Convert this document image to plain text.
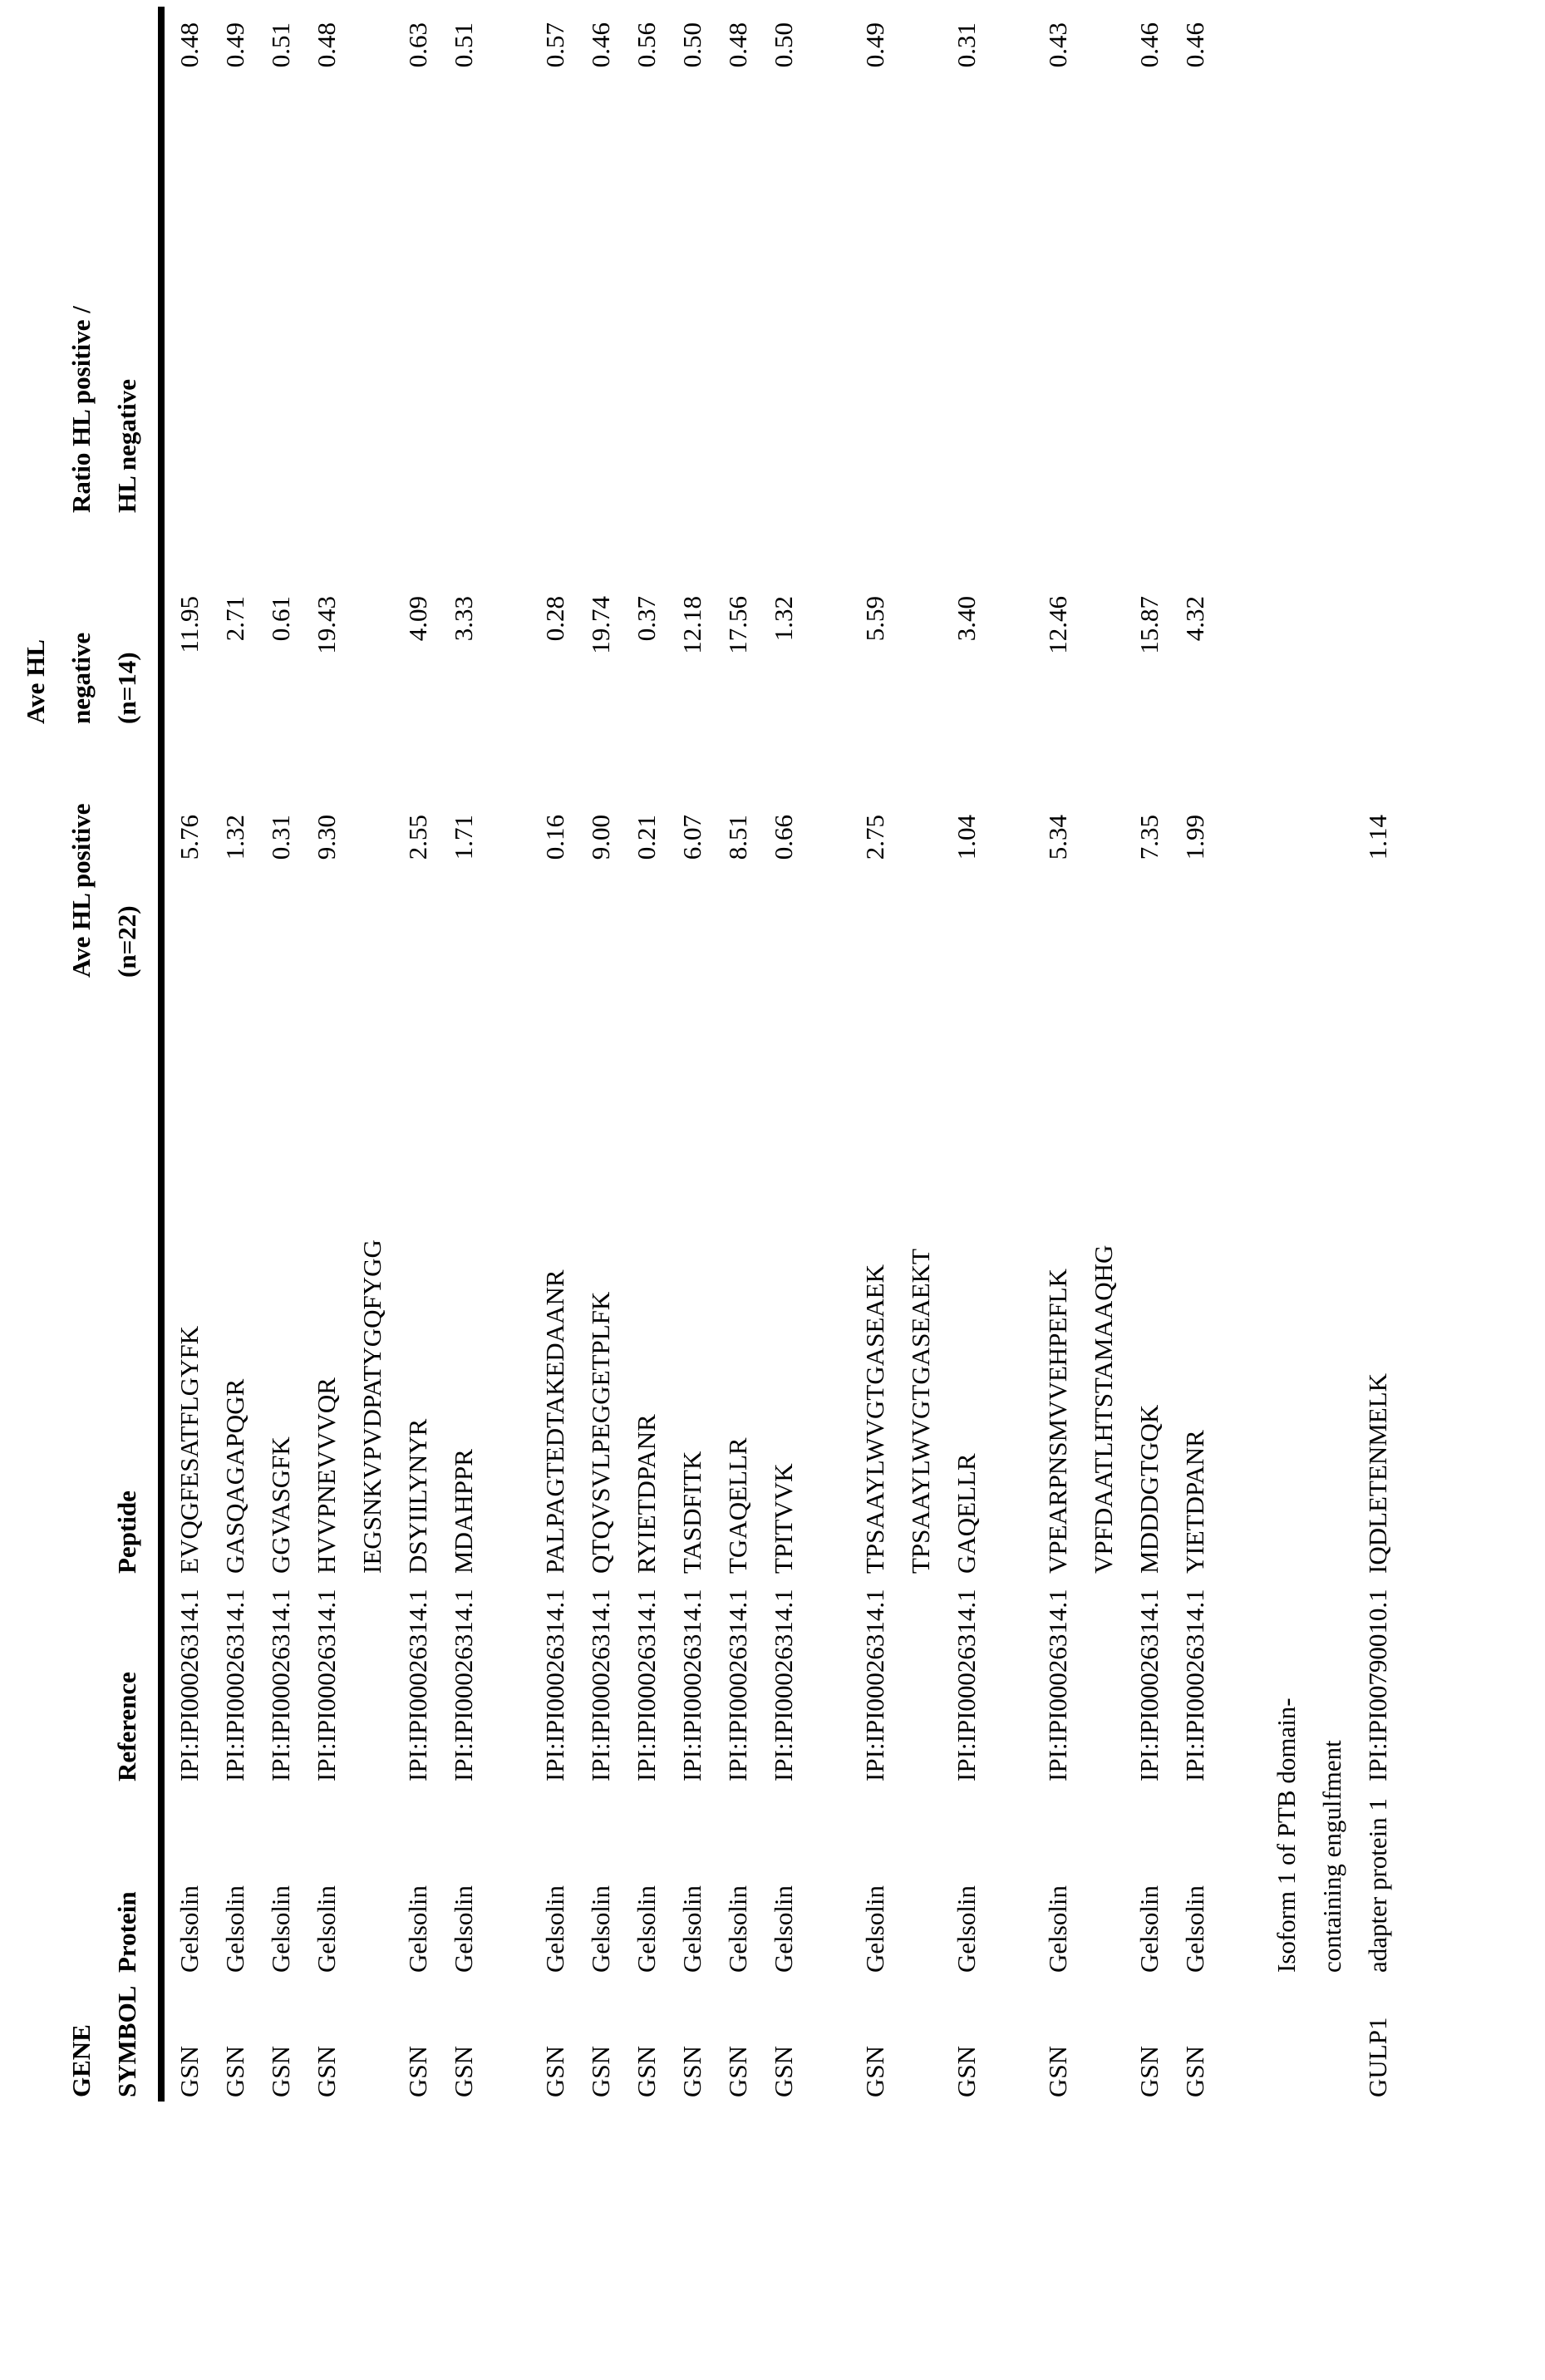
GENE SYMBOL
Protein
Reference
Peptide
Ave HL positive (n=22)
Ave HL negative (n=14)
Ratio HL positive / HL negative
GSN
Gelsolin
IPI:IPI00026314.1
EVQGFESATFLGYFK
5.76
11.95
0.48
GSN
Gelsolin
IPI:IPI00026314.1
GASQAGAPQGR
1.32
2.71
0.49
GSN
Gelsolin
IPI:IPI00026314.1
GGVASGFK
0.31
0.61
0.51
GSN
Gelsolin
IPI:IPI00026314.1
HVVPNEVVVQR
9.30
19.43
0.48
GSN
Gelsolin
IPI:IPI00026314.1
IEGSNKVPVDPATYGQFYGG DSYIILYNYR
2.55
4.09
0.63
GSN
Gelsolin
IPI:IPI00026314.1
MDAHPPR
1.71
3.33
0.51
GSN
Gelsolin
IPI:IPI00026314.1
PALPAGTEDTAKEDAANR
0.16
0.28
0.57
GSN
Gelsolin
IPI:IPI00026314.1
QTQVSVLPEGGETPLFK
9.00
19.74
0.46
GSN
Gelsolin
IPI:IPI00026314.1
RYIETDPANR
0.21
0.37
0.56
GSN
Gelsolin
IPI:IPI00026314.1
TASDFITK
6.07
12.18
0.50
GSN
Gelsolin
IPI:IPI00026314.1
TGAQELLR
8.51
17.56
0.48
GSN
Gelsolin
IPI:IPI00026314.1
TPITVVK
0.66
1.32
0.50
GSN
Gelsolin
IPI:IPI00026314.1
TPSAAYLWVGTGASEAEK
2.75
5.59
0.49
GSN
Gelsolin
IPI:IPI00026314.1
TPSAAYLWVGTGASEAEKT GAQELLR
1.04
3.40
0.31
GSN
Gelsolin
IPI:IPI00026314.1
VPEARPNSMVVEHPEFLK
5.34
12.46
0.43
GSN
Gelsolin
IPI:IPI00026314.1
VPFDAATLHTSTAMAAQHG MDDDGTGQK
7.35
15.87
0.46
GSN
Gelsolin
IPI:IPI00026314.1
YIETDPANR
1.99
4.32
0.46
GULP1
Isoform 1 of PTB domain- containing engulfment adapter protein 1
IPI:IPI00790010.1
IQDLETENMELK
1.14
